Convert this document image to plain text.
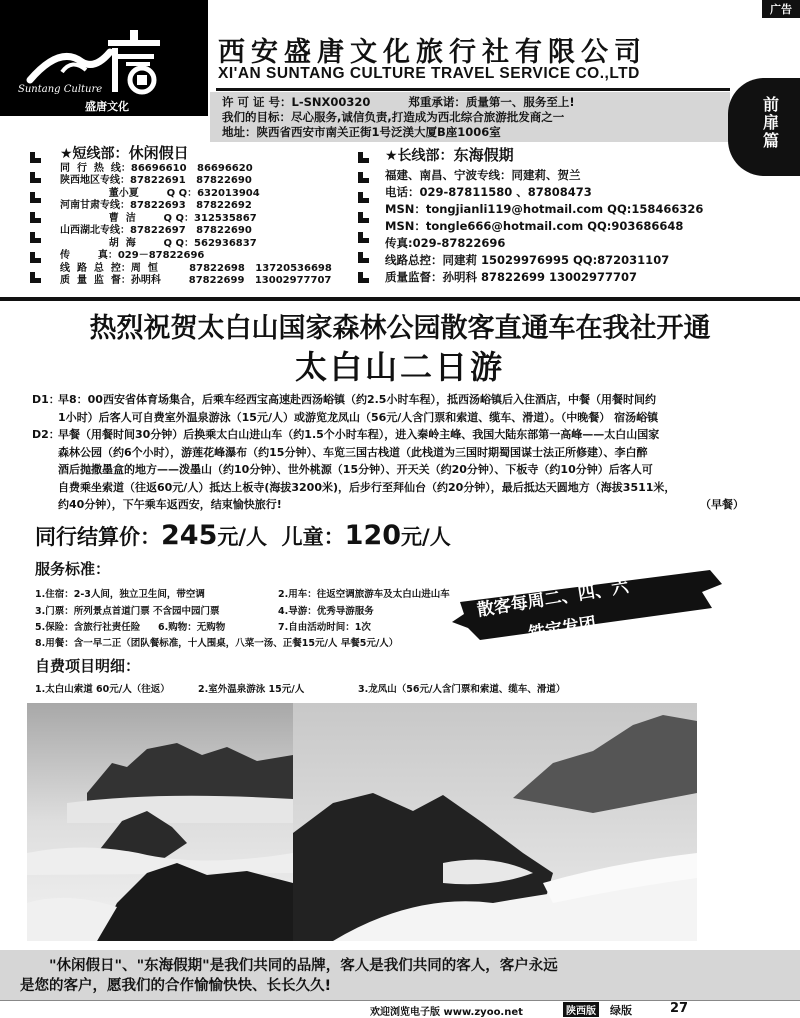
广告
Suntang Culture
盛唐文化
西安盛唐文化旅行社有限公司
XI'AN SUNTANG CULTURE TRAVEL SERVICE CO.,LTD
许 可 证 号：L-SNX00320	郑重承诺：质量第一、服务至上!
我们的目标：尽心服务,诚信负责,打造成为西北综合旅游批发商之一
地址：陕西省西安市南关正街1号泛渼大厦B座1006室
前
扉
篇
★短线部：休闲假日
同  行  热  线：86696610   86696620
陕西地区专线：87822691   87822690
董小夏        Q Q：632013904
河南甘肃专线：87822693   87822692
曹  洁        Q Q：312535867
山西湖北专线：87822697   87822690
胡  海        Q Q：562936837
传        真：029－87822696
线  路  总  控：周  恒         87822698   13720536698
质  量  监  督：孙明科        87822699   13002977707
★长线部：东海假期
福建、南昌、宁波专线：同建莉、贺兰
电话：029-87811580 、87808473
MSN：tongjianli119@hotmail.com QQ:158466326
MSN：tongle666@hotmail.com QQ:903686648
传真:029-87822696
线路总控：同建莉 15029976995 QQ:872031107
质量监督：孙明科 87822699 13002977707
热烈祝贺太白山国家森林公园散客直通车在我社开通
太白山二日游
D1：
早8：00西安省体育场集合，后乘车经西宝高速赴西汤峪镇（约2.5小时车程），抵西汤峪镇后入住酒店，中餐（用餐时间约
1小时）后客人可自费室外温泉游泳（15元/人）或游览龙凤山（56元/人含门票和索道、缆车、滑道）。（中晚餐） 宿汤峪镇
D2：
早餐（用餐时间30分钟）后换乘太白山进山车（约1.5个小时车程），进入秦岭主峰、我国大陆东部第一高峰——太白山国家
森林公园（约6个小时），游莲花峰瀑布（约15分钟）、车览三国古栈道（此栈道为三国时期蜀国谋士法正所修建）、李白醉
酒后抛撒墨盒的地方——泼墨山（约10分钟）、世外桃源（15分钟）、开天关（约20分钟）、下板寺（约10分钟）后客人可
自费乘坐索道（往返60元/人）抵达上板寺(海拔3200米)，后步行至拜仙台（约20分钟），最后抵达天圆地方（海拔3511米，
约40分钟），下午乘车返西安，结束愉快旅行!	（早餐）
同行结算价：245元/人 儿童：120元/人
服务标准：
1.住宿：2-3人间，独立卫生间，带空调	2.用车：往返空调旅游车及太白山进山车
3.门票：所列景点首道门票 不含园中园门票	4.导游：优秀导游服务
5.保险：含旅行社责任险 6.购物：无购物	7.自由活动时间：1次
8.用餐：含一早二正（团队餐标准，十人围桌，八菜一汤、正餐15元/人 早餐5元/人）
散客每周二、四、六
铁定发团
自费项目明细：
1.太白山索道 60元/人（往返）	2.室外温泉游泳 15元/人	3.龙凤山（56元/人含门票和索道、缆车、滑道）
　　"休闲假日"、"东海假期"是我们共同的品牌，客人是我们共同的客人，客户永远
是您的客户，愿我们的合作愉愉快快、长长久久!
欢迎浏览电子版 www.zyoo.net	陕西版 绿版	27
